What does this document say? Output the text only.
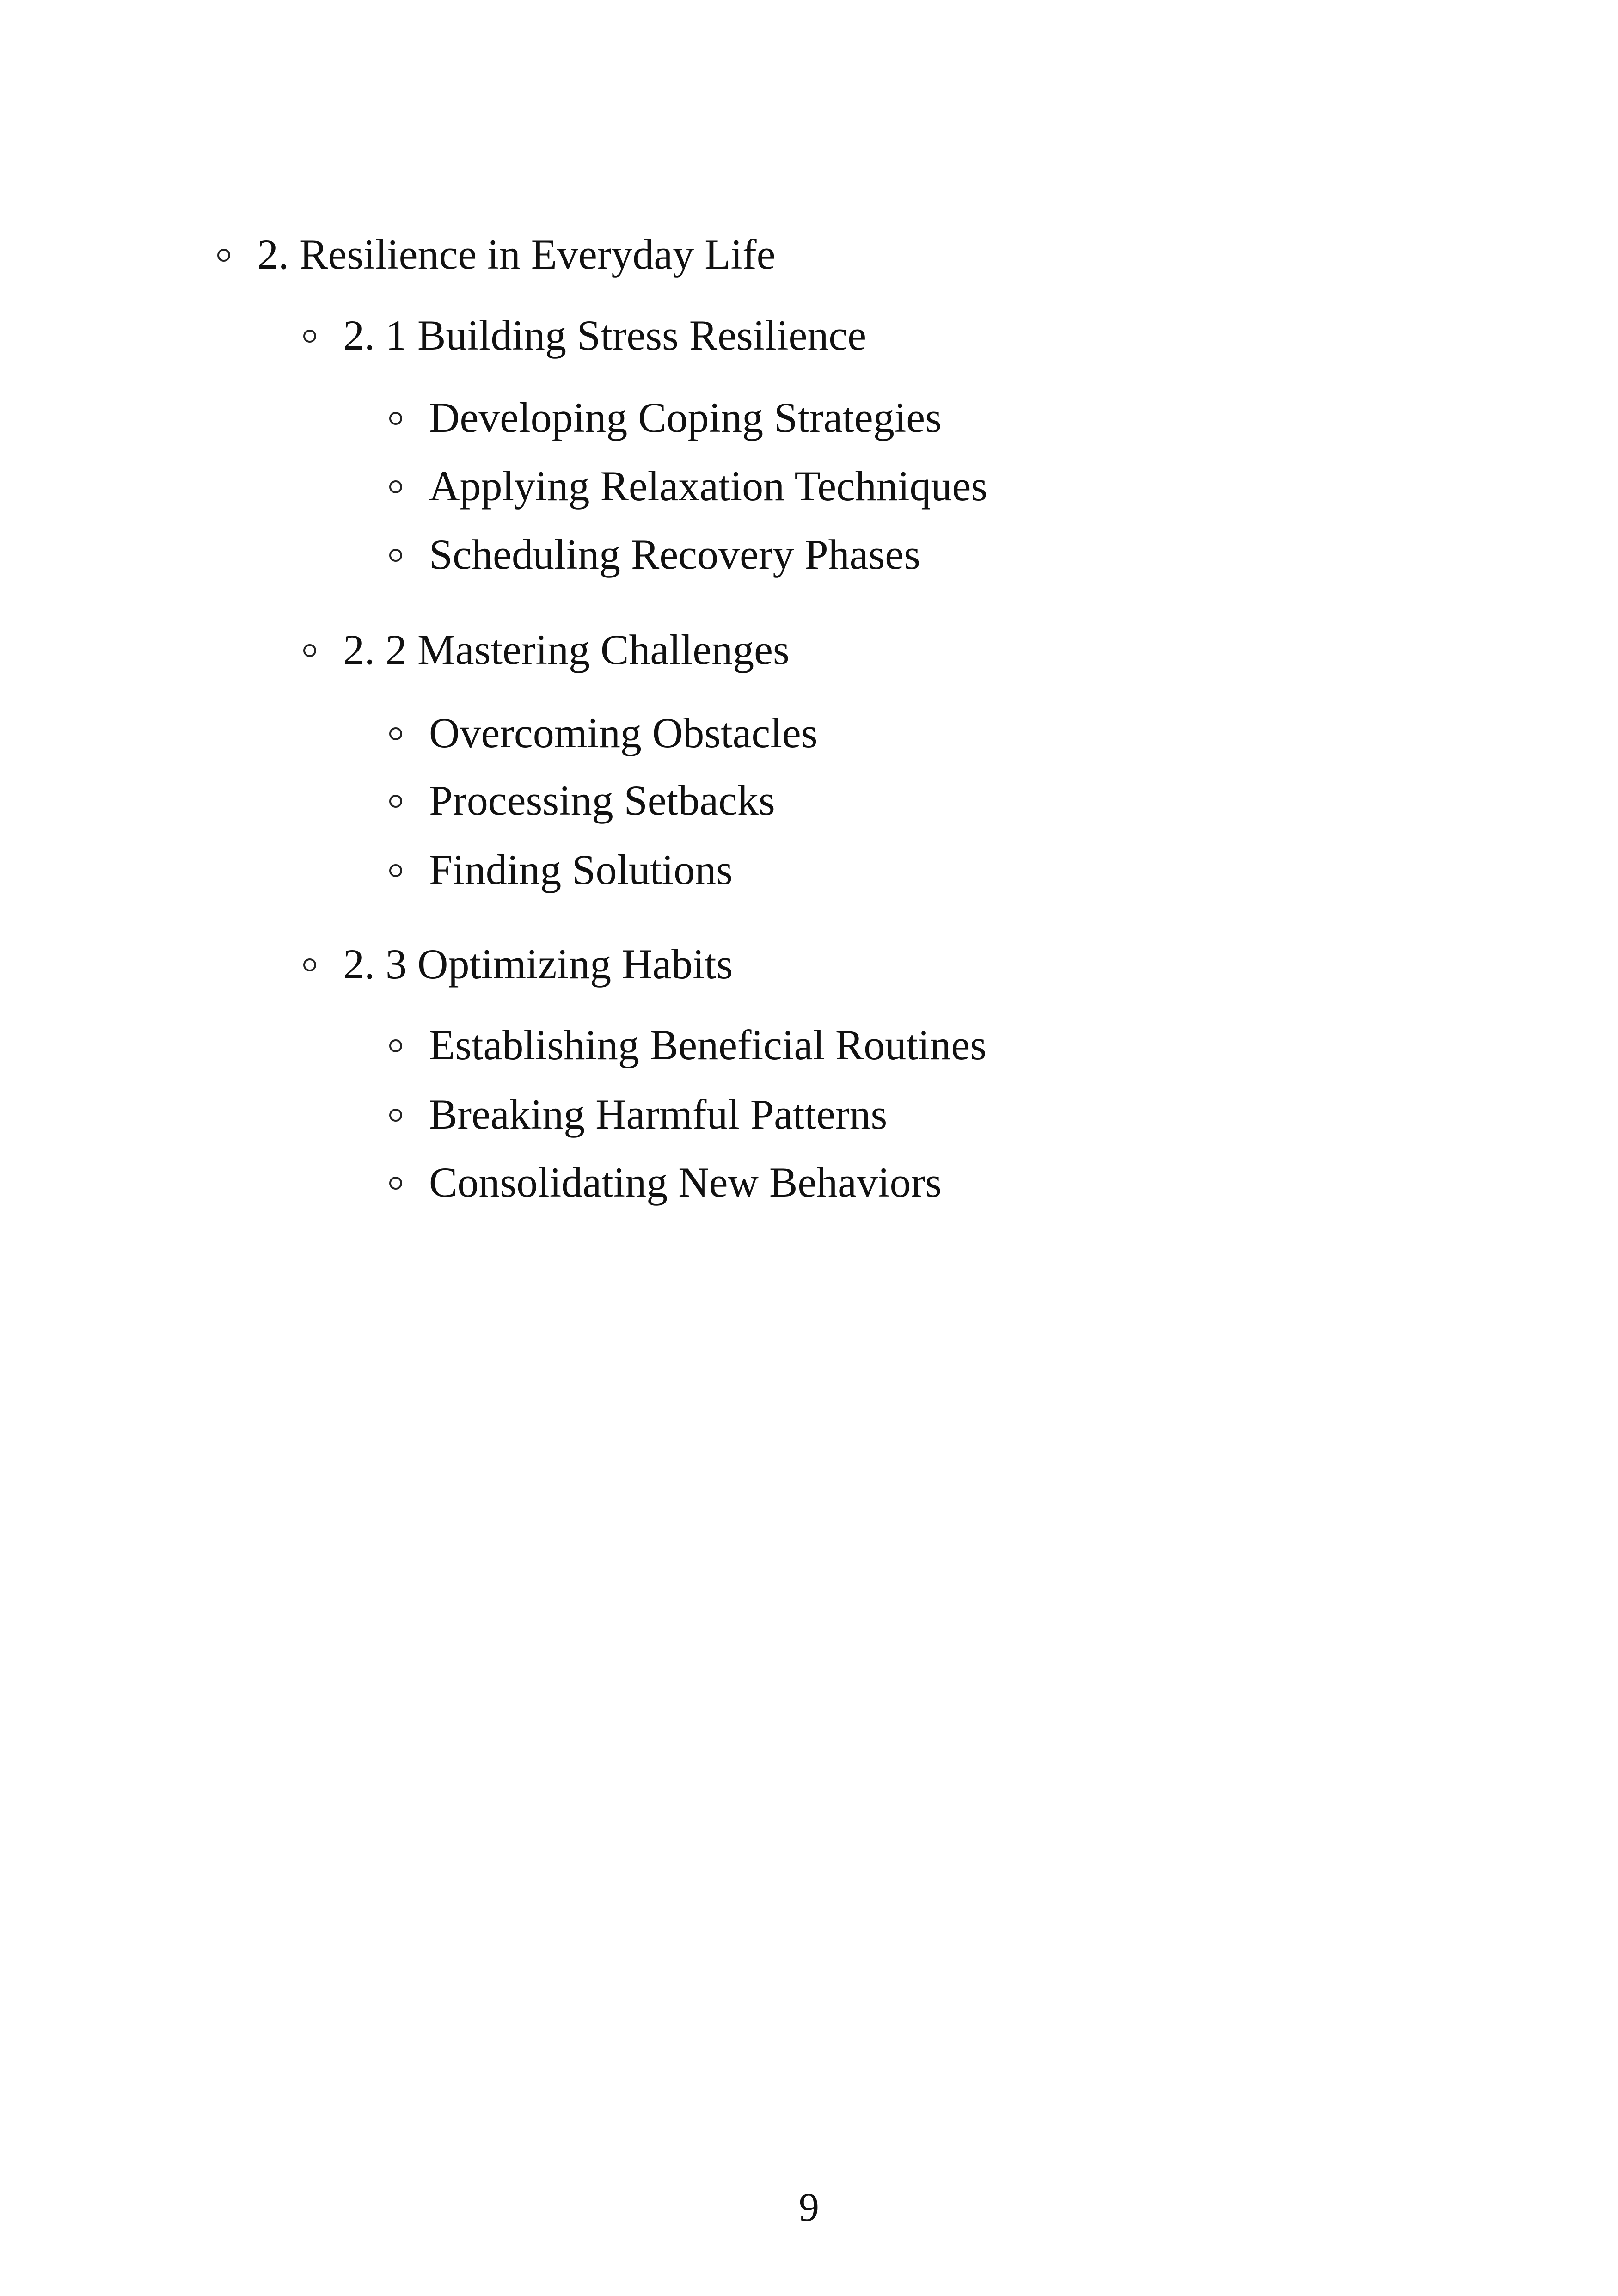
2. Resilience in Everyday Life
2. 1 Building Stress Resilience
Developing Coping Strategies
Applying Relaxation Techniques
Scheduling Recovery Phases
2. 2 Mastering Challenges
Overcoming Obstacles
Processing Setbacks
Finding Solutions
2. 3 Optimizing Habits
Establishing Beneficial Routines
Breaking Harmful Patterns
Consolidating New Behaviors
9
